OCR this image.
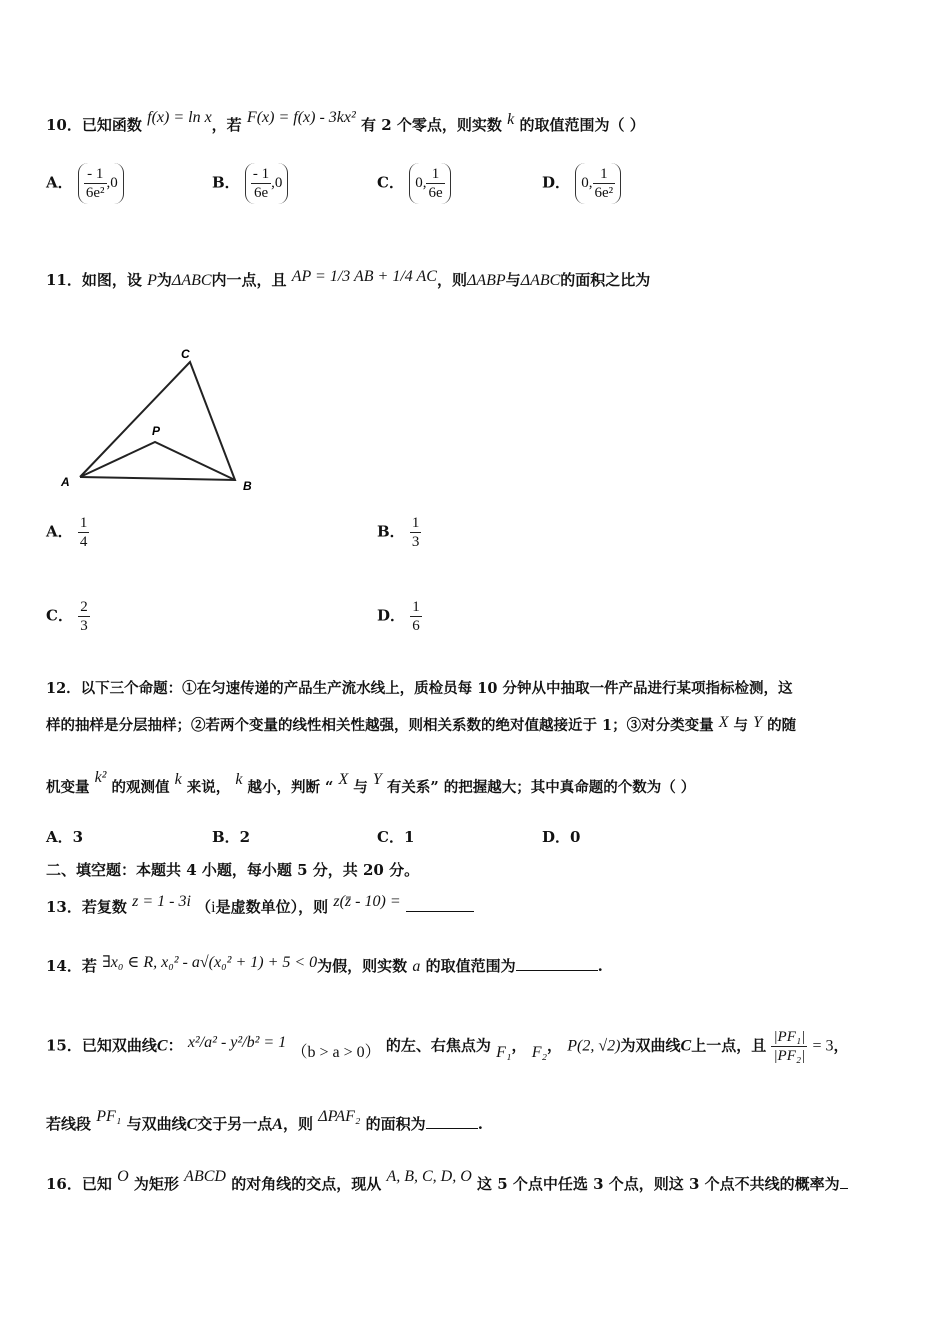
10．已知函数 f(x) = ln x，若 F(x) = f(x) - 3kx² 有 2 个零点，则实数 k 的取值范围为（ ）
A． $\frac{- 1}{\text{6e²}} ,0$	B． $\frac{- 1}{6e} ,0$	C． 0, $\frac{1}{6e}$	D． 0, $\frac{1}{\text{6e²}}$
11．如图，设 P为ΔABC内一点，且 AP = 1/3 AB + 1/4 AC，则ΔABP与ΔABC的面积之比为
A	B
C
P
A． $\frac{1}{4}$	B． $\frac{1}{3}$
C． $\frac{2}{3}$	D． $\frac{1}{6}$
12．以下三个命题：①在匀速传递的产品生产流水线上，质检员每 10 分钟从中抽取一件产品进行某项指标检测，这
样的抽样是分层抽样；②若两个变量的线性相关性越强，则相关系数的绝对值越接近于 1；③对分类变量 X 与 Y 的随
机变量 k² 的观测值 k 来说， k 越小，判断 “ X 与 Y 有关系” 的把握越大；其中真命题的个数为（ ）
A．3	B．2	C．1	D．0
二、填空题：本题共 4 小题，每小题 5 分，共 20 分。
13．若复数 z = 1 - 3i （i是虚数单位），则 z(z̄ - 10) =
14．若 ∃x₀ ∈ R, x₀² - a√(x₀² + 1) + 5 < 0为假，则实数 a 的取值范围为	.
15．已知双曲线C： x²/a² - y²/b² = 1 （b > a > 0） 的左、右焦点为 F₁， F₂， P(2, √2)为双曲线C上一点，且 $\frac{\text{|PF₁|}}{\text{|PF₂|}} = 3$，
若线段 PF₁ 与双曲线C交于另一点A，则 ΔPAF₂ 的面积为	.
16．已知 O 为矩形 ABCD 的对角线的交点，现从 A, B, C, D, O 这 5 个点中任选 3 个点，则这 3 个点不共线的概率为
